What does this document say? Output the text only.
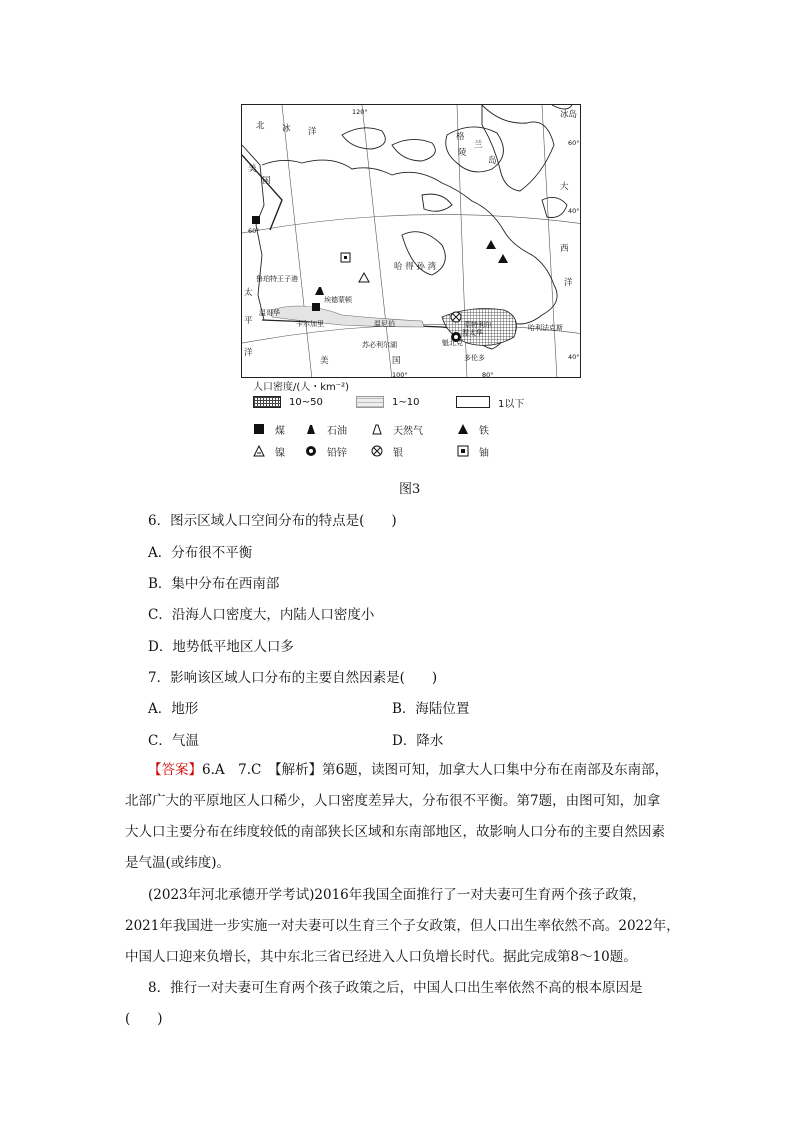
北 冰 洋
美
国
冰岛
格
陵
兰
岛
大
西
洋
太
平
洋
哈 得 孙 湾
国
美
鲁珀特王子港
埃德蒙顿
温哥华
卡尔加里	温尼伯	蒙特利尔
多伦多
渥太华
哈利法克斯
魁北克
苏必利尔湖
120°
100°	80°
60°
60°
40°
40°
人口密度/(人・km⁻²)
10~50	1~10	1以下
煤	石油	天然气	铁
镍	铅锌	银	铀
图3
6．图示区域人口空间分布的特点是(　　)
A．分布很不平衡
B．集中分布在西南部
C．沿海人口密度大，内陆人口密度小
D．地势低平地区人口多
7．影响该区域人口分布的主要自然因素是(　　)
A．地形	B．海陆位置
C．气温	D．降水
【答案】6.A　7.C　【解析】第6题，读图可知，加拿大人口集中分布在南部及东南部，
北部广大的平原地区人口稀少，人口密度差异大，分布很不平衡。第7题，由图可知，加拿
大人口主要分布在纬度较低的南部狭长区域和东南部地区，故影响人口分布的主要自然因素
是气温(或纬度)。
(2023年河北承德开学考试)2016年我国全面推行了一对夫妻可生育两个孩子政策，
2021年我国进一步实施一对夫妻可以生育三个子女政策，但人口出生率依然不高。2022年，
中国人口迎来负增长，其中东北三省已经进入人口负增长时代。据此完成第8～10题。
8．推行一对夫妻可生育两个孩子政策之后，中国人口出生率依然不高的根本原因是
(　　)
